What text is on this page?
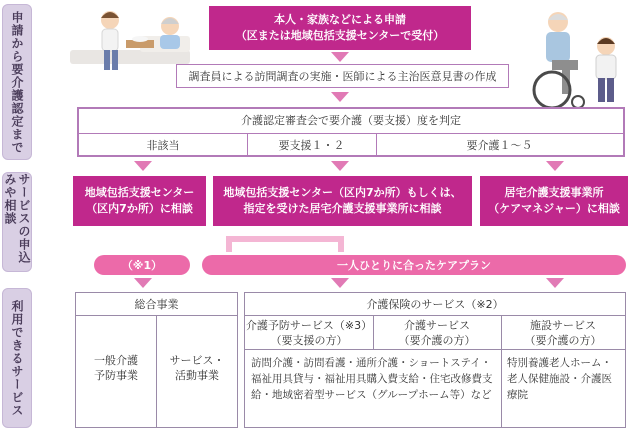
申請から要介護認定まで
サービスの申込みや相談
利用できるサービス
本人・家族などによる申請
（区または地域包括支援センターで受付）
調査員による訪問調査の実施・医師による主治医意見書の作成
介護認定審査会で要介護（要支援）度を判定
非該当	要支援１・２	要介護１～５
地域包括支援センター
（区内7か所）に相談
地域包括支援センター（区内7か所）もしくは、
指定を受けた居宅介護支援事業所に相談
居宅介護支援事業所
（ケアマネジャー）に相談
（※1）	一人ひとりに合ったケアプラン
総合事業
一般介護
予防事業
サービス・
活動事業
介護保険のサービス（※2）
介護予防サービス（※3）
（要支援の方）
介護サービス
（要介護の方）
施設サービス
（要介護の方）
訪問介護・訪問看護・通所介護・ショートステイ・福祉用具貸与・福祉用具購入費支給・住宅改修費支給・地域密着型サービス（グループホーム等）など
特別養護老人ホーム・老人保健施設・介護医療院
